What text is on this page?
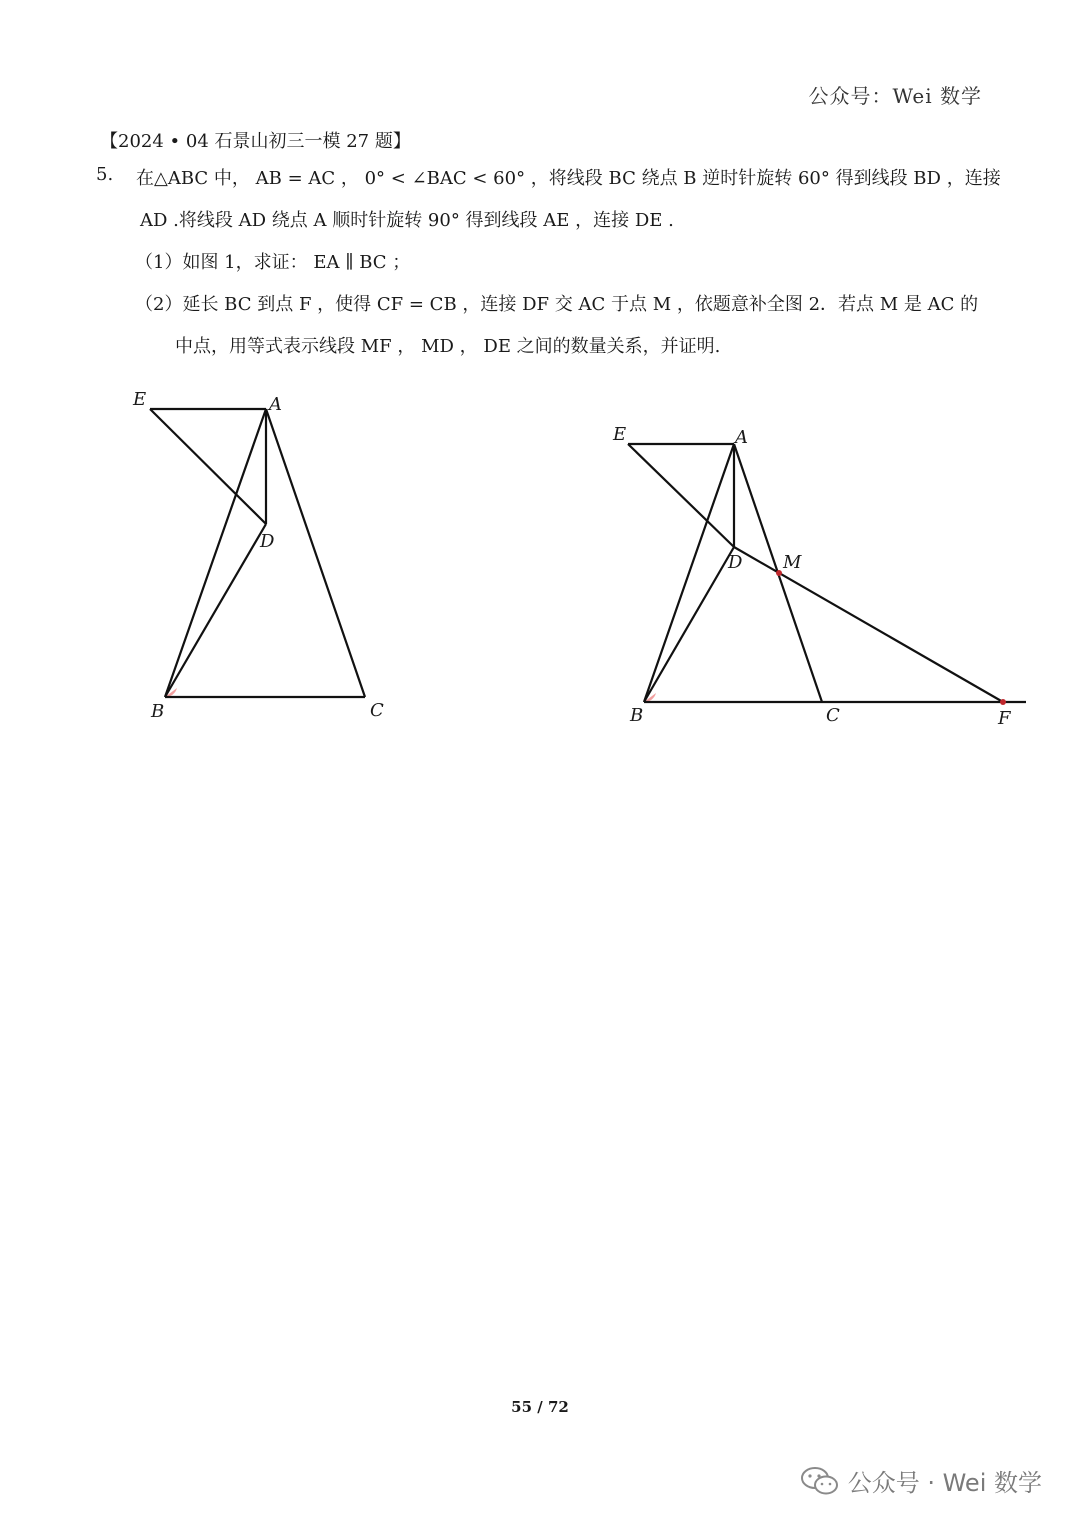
公众号：Wei 数学
【2024 • 04 石景山初三一模 27 题】
5. 在△ABC 中， AB = AC ， 0° < ∠BAC < 60° ，将线段 BC 绕点 B 逆时针旋转 60° 得到线段 BD ，连接
AD .将线段 AD 绕点 A 顺时针旋转 90° 得到线段 AE ，连接 DE .
（1）如图 1，求证： EA ∥ BC ；
（2）延长 BC 到点 F ，使得 CF = CB ，连接 DF 交 AC 于点 M ，依题意补全图 2．若点 M 是 AC 的
中点，用等式表示线段 MF ， MD ， DE 之间的数量关系，并证明.
E	A
D
B	C
E	A
D M
B	C	F
55 / 72
公众号 · Wei 数学
